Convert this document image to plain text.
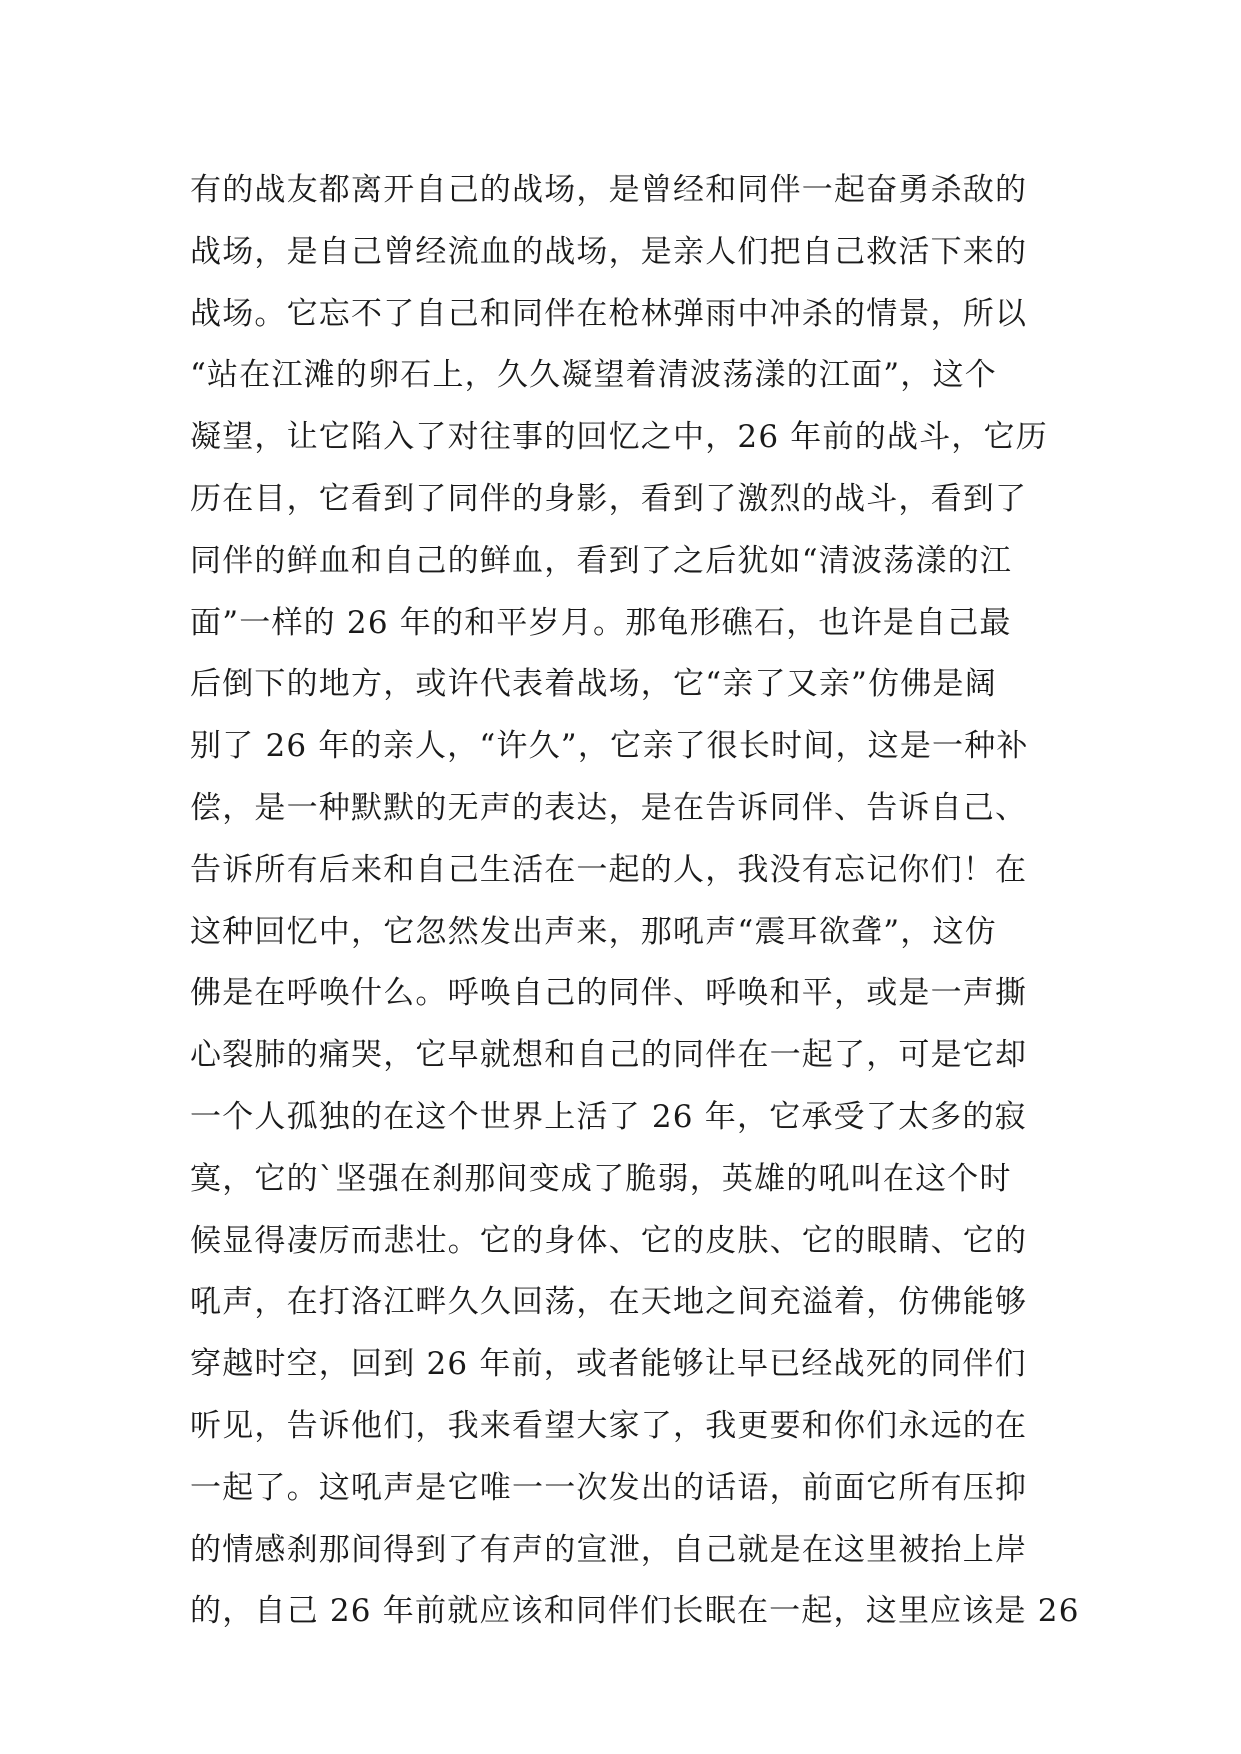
有的战友都离开自己的战场，是曾经和同伴一起奋勇杀敌的
战场，是自己曾经流血的战场，是亲人们把自己救活下来的
战场。它忘不了自己和同伴在枪林弹雨中冲杀的情景，所以
“站在江滩的卵石上，久久凝望着清波荡漾的江面”，这个
凝望，让它陷入了对往事的回忆之中，26 年前的战斗，它历
历在目，它看到了同伴的身影，看到了激烈的战斗，看到了
同伴的鲜血和自己的鲜血，看到了之后犹如“清波荡漾的江
面”一样的 26 年的和平岁月。那龟形礁石，也许是自己最
后倒下的地方，或许代表着战场，它“亲了又亲”仿佛是阔
别了 26 年的亲人，“许久”，它亲了很长时间，这是一种补
偿，是一种默默的无声的表达，是在告诉同伴、告诉自己、
告诉所有后来和自己生活在一起的人，我没有忘记你们！在
这种回忆中，它忽然发出声来，那吼声“震耳欲聋”，这仿
佛是在呼唤什么。呼唤自己的同伴、呼唤和平，或是一声撕
心裂肺的痛哭，它早就想和自己的同伴在一起了，可是它却
一个人孤独的在这个世界上活了 26 年，它承受了太多的寂
寞，它的`坚强在刹那间变成了脆弱，英雄的吼叫在这个时
候显得凄厉而悲壮。它的身体、它的皮肤、它的眼睛、它的
吼声，在打洛江畔久久回荡，在天地之间充溢着，仿佛能够
穿越时空，回到 26 年前，或者能够让早已经战死的同伴们
听见，告诉他们，我来看望大家了，我更要和你们永远的在
一起了。这吼声是它唯一一次发出的话语，前面它所有压抑
的情感刹那间得到了有声的宣泄，自己就是在这里被抬上岸
的，自己 26 年前就应该和同伴们长眠在一起，这里应该是 26
